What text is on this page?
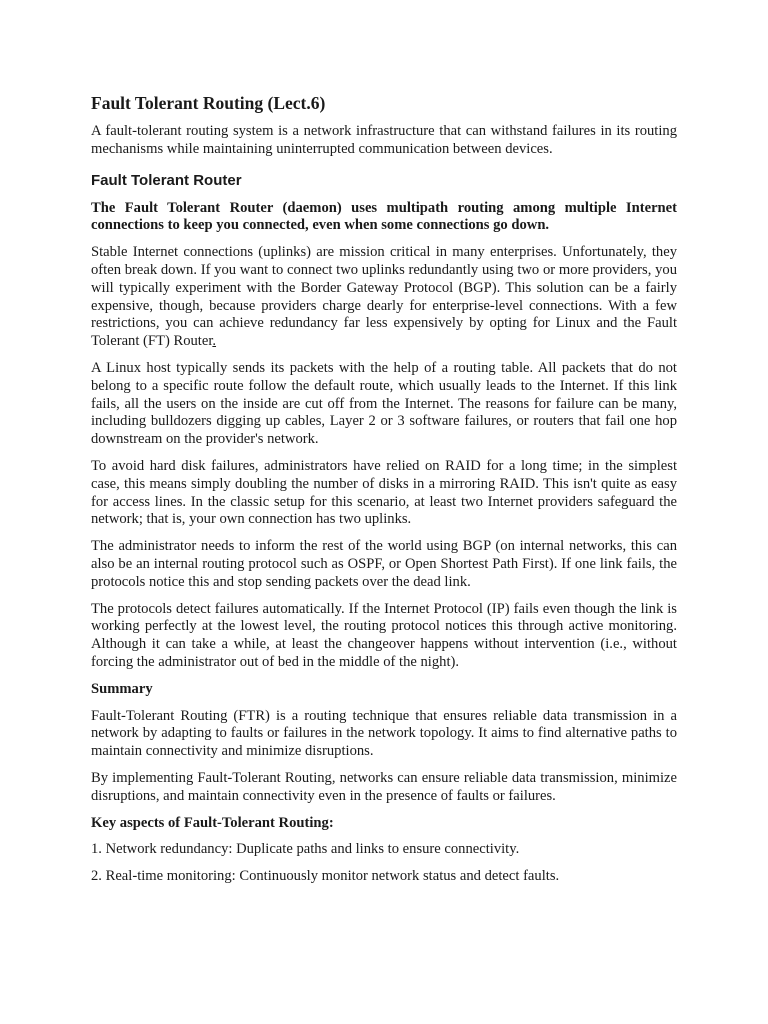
Fault Tolerant Routing (Lect.6)

A fault-tolerant routing system is a network infrastructure that can withstand failures in its routing mechanisms while maintaining uninterrupted communication between devices.

Fault Tolerant Router

The Fault Tolerant Router (daemon) uses multipath routing among multiple Internet connections to keep you connected, even when some connections go down.

Stable Internet connections (uplinks) are mission critical in many enterprises. Unfortunately, they often break down. If you want to connect two uplinks redundantly using two or more providers, you will typically experiment with the Border Gateway Protocol (BGP). This solution can be a fairly expensive, though, because providers charge dearly for enterprise-level connections. With a few restrictions, you can achieve redundancy far less expensively by opting for Linux and the Fault Tolerant (FT) Router.

A Linux host typically sends its packets with the help of a routing table. All packets that do not belong to a specific route follow the default route, which usually leads to the Internet. If this link fails, all the users on the inside are cut off from the Internet. The reasons for failure can be many, including bulldozers digging up cables, Layer 2 or 3 software failures, or routers that fail one hop downstream on the provider's network.

To avoid hard disk failures, administrators have relied on RAID for a long time; in the simplest case, this means simply doubling the number of disks in a mirroring RAID. This isn't quite as easy for access lines. In the classic setup for this scenario, at least two Internet providers safeguard the network; that is, your own connection has two uplinks.

The administrator needs to inform the rest of the world using BGP (on internal networks, this can also be an internal routing protocol such as OSPF, or Open Shortest Path First). If one link fails, the protocols notice this and stop sending packets over the dead link.

The protocols detect failures automatically. If the Internet Protocol (IP) fails even though the link is working perfectly at the lowest level, the routing protocol notices this through active monitoring. Although it can take a while, at least the changeover happens without intervention (i.e., without forcing the administrator out of bed in the middle of the night).

Summary

Fault-Tolerant Routing (FTR) is a routing technique that ensures reliable data transmission in a network by adapting to faults or failures in the network topology. It aims to find alternative paths to maintain connectivity and minimize disruptions.

By implementing Fault-Tolerant Routing, networks can ensure reliable data transmission, minimize disruptions, and maintain connectivity even in the presence of faults or failures.

Key aspects of Fault-Tolerant Routing:

1. Network redundancy: Duplicate paths and links to ensure connectivity.

2. Real-time monitoring: Continuously monitor network status and detect faults.
